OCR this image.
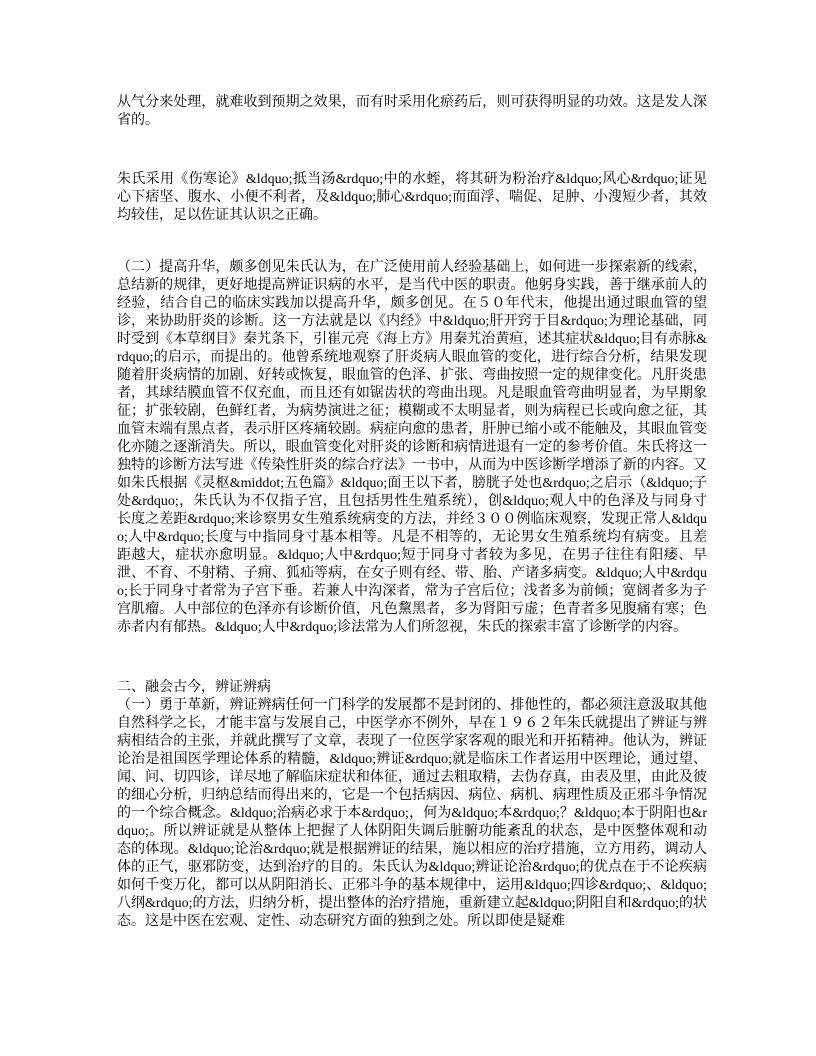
从气分来处理，就难收到预期之效果，而有时采用化瘀药后，则可获得明显的功效。这是发人深省的。

朱氏采用《伤寒论》&ldquo;抵当汤&rdquo;中的水蛭，将其研为粉治疗&ldquo;风心&rdquo;证见心下痞坚、腹水、小便不利者，及&ldquo;肺心&rdquo;而面浮、喘促、足肿、小溲短少者，其效均较佳，足以佐证其认识之正确。

（二）提高升华，颇多创见朱氏认为，在广泛使用前人经验基础上，如何进一步探索新的线索，总结新的规律，更好地提高辨证识病的水平，是当代中医的职责。他躬身实践，善于继承前人的经验，结合自己的临床实践加以提高升华，颇多创见。在５０年代末，他提出通过眼血管的望诊，来协助肝炎的诊断。这一方法就是以《内经》中&ldquo;肝开窍于目&rdquo;为理论基础，同时受到《本草纲目》秦艽条下，引崔元亮《海上方》用秦艽治黄疸，述其症状&ldquo;目有赤脉&rdquo;的启示，而提出的。他曾系统地观察了肝炎病人眼血管的变化，进行综合分析，结果发现随着肝炎病情的加剧、好转或恢复，眼血管的色泽、扩张、弯曲按照一定的规律变化。凡肝炎患者，其球结膜血管不仅充血，而且还有如锯齿状的弯曲出现。凡是眼血管弯曲明显者，为早期象征；扩张较剧，色鲜红者，为病势演进之征；模糊或不太明显者，则为病程已长或向愈之征，其血管末端有黑点者，表示肝区疼痛较剧。病症向愈的患者，肝肿已缩小或不能触及，其眼血管变化亦随之逐渐消失。所以，眼血管变化对肝炎的诊断和病情进退有一定的参考价值。朱氏将这一独特的诊断方法写进《传染性肝炎的综合疗法》一书中，从而为中医诊断学增添了新的内容。又如朱氏根据《灵枢&middot;五色篇》&ldquo;面王以下者，膀胱子处也&rdquo;之启示（&ldquo;子处&rdquo;，朱氏认为不仅指子宫，且包括男性生殖系统），创&ldquo;观人中的色泽及与同身寸长度之差距&rdquo;来诊察男女生殖系统病变的方法，并经３００例临床观察，发现正常人&ldquo;人中&rdquo;长度与中指同身寸基本相等。凡是不相等的，无论男女生殖系统均有病变。且差距越大，症状亦愈明显。&ldquo;人中&rdquo;短于同身寸者较为多见，在男子往往有阳痿、早泄、不育、不射精、子痈、狐疝等病，在女子则有经、带、胎、产诸多病变。&ldquo;人中&rdquo;长于同身寸者常为子宫下垂。若兼人中沟深者，常为子宫后位；浅者多为前倾；宽阔者多为子宫肌瘤。人中部位的色泽亦有诊断价值，凡色黧黑者，多为肾阳亏虚；色青者多见腹痛有寒；色赤者内有郁热。&ldquo;人中&rdquo;诊法常为人们所忽视，朱氏的探索丰富了诊断学的内容。

二、融会古今，辨证辨病

（一）勇于革新，辨证辨病任何一门科学的发展都不是封闭的、排他性的，都必须注意汲取其他自然科学之长，才能丰富与发展自己，中医学亦不例外，早在１９６２年朱氏就提出了辨证与辨病相结合的主张，并就此撰写了文章，表现了一位医学家客观的眼光和开拓精神。他认为，辨证论治是祖国医学理论体系的精髓，&ldquo;辨证&rdquo;就是临床工作者运用中医理论，通过望、闻、问、切四诊，详尽地了解临床症状和体征，通过去粗取精，去伪存真，由表及里，由此及彼的细心分析，归纳总结而得出来的，它是一个包括病因、病位、病机、病理性质及正邪斗争情况的一个综合概念。&ldquo;治病必求于本&rdquo;，何为&ldquo;本&rdquo;？&ldquo;本于阴阳也&rdquo;。所以辨证就是从整体上把握了人体阴阳失调后脏腑功能紊乱的状态，是中医整体观和动态的体现。&ldquo;论治&rdquo;就是根据辨证的结果，施以相应的治疗措施，立方用药，调动人体的正气，驱邪防变，达到治疗的目的。朱氏认为&ldquo;辨证论治&rdquo;的优点在于不论疾病如何千变万化，都可以从阴阳消长、正邪斗争的基本规律中，运用&ldquo;四诊&rdquo;、&ldquo;八纲&rdquo;的方法，归纳分析，提出整体的治疗措施，重新建立起&ldquo;阴阳自和&rdquo;的状态。这是中医在宏观、定性、动态研究方面的独到之处。所以即使是疑难
